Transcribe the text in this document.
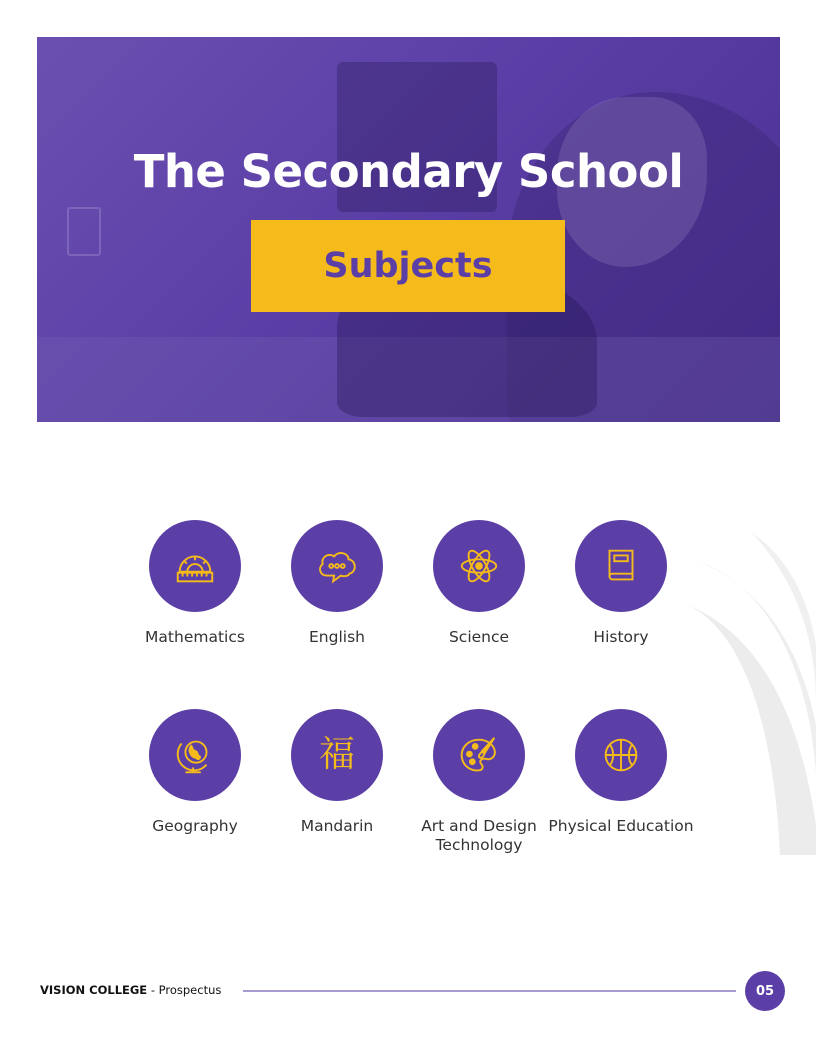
The Secondary School
Subjects
Mathematics	English	Science	History
Geography
福
Mandarin	Art and Design Technology
Physical Education
VISION COLLEGE - Prospectus	05
